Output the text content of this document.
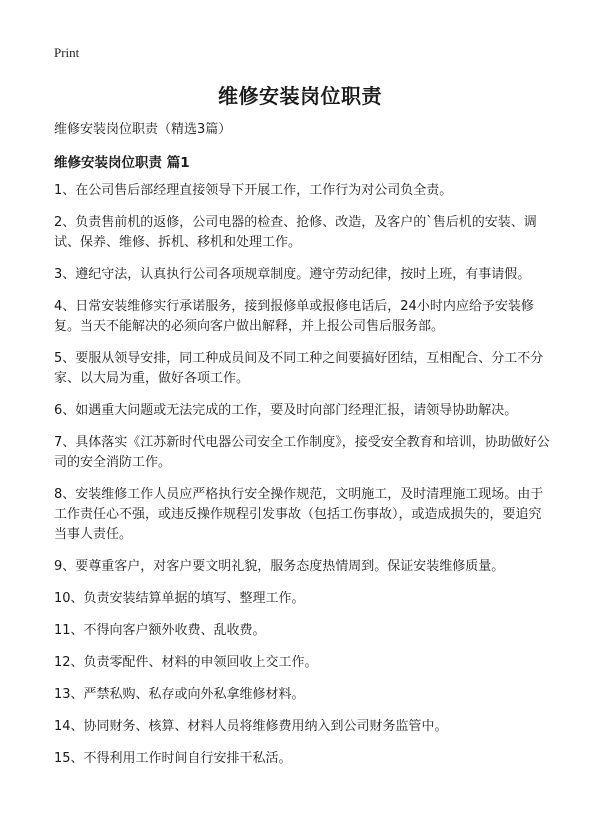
Print
维修安装岗位职责
维修安装岗位职责（精选3篇）
维修安装岗位职责 篇1
1、在公司售后部经理直接领导下开展工作，工作行为对公司负全责。
2、负责售前机的返修，公司电器的检查、抢修、改造，及客户的`售后机的安装、调试、保养、维修、拆机、移机和处理工作。
3、遵纪守法，认真执行公司各项规章制度。遵守劳动纪律，按时上班，有事请假。
4、日常安装维修实行承诺服务，接到报修单或报修电话后，24小时内应给予安装修复。当天不能解决的必须向客户做出解释，并上报公司售后服务部。
5、要服从领导安排，同工种成员间及不同工种之间要搞好团结，互相配合、分工不分家、以大局为重，做好各项工作。
6、如遇重大问题或无法完成的工作，要及时向部门经理汇报，请领导协助解决。
7、具体落实《江苏新时代电器公司安全工作制度》，接受安全教育和培训，协助做好公司的安全消防工作。
8、安装维修工作人员应严格执行安全操作规范，文明施工，及时清理施工现场。由于工作责任心不强，或违反操作规程引发事故（包括工伤事故），或造成损失的，要追究当事人责任。
9、要尊重客户，对客户要文明礼貌，服务态度热情周到。保证安装维修质量。
10、负责安装结算单据的填写、整理工作。
11、不得向客户额外收费、乱收费。
12、负责零配件、材料的申领回收上交工作。
13、严禁私购、私存或向外私拿维修材料。
14、协同财务、核算、材料人员将维修费用纳入到公司财务监管中。
15、不得利用工作时间自行安排干私活。
